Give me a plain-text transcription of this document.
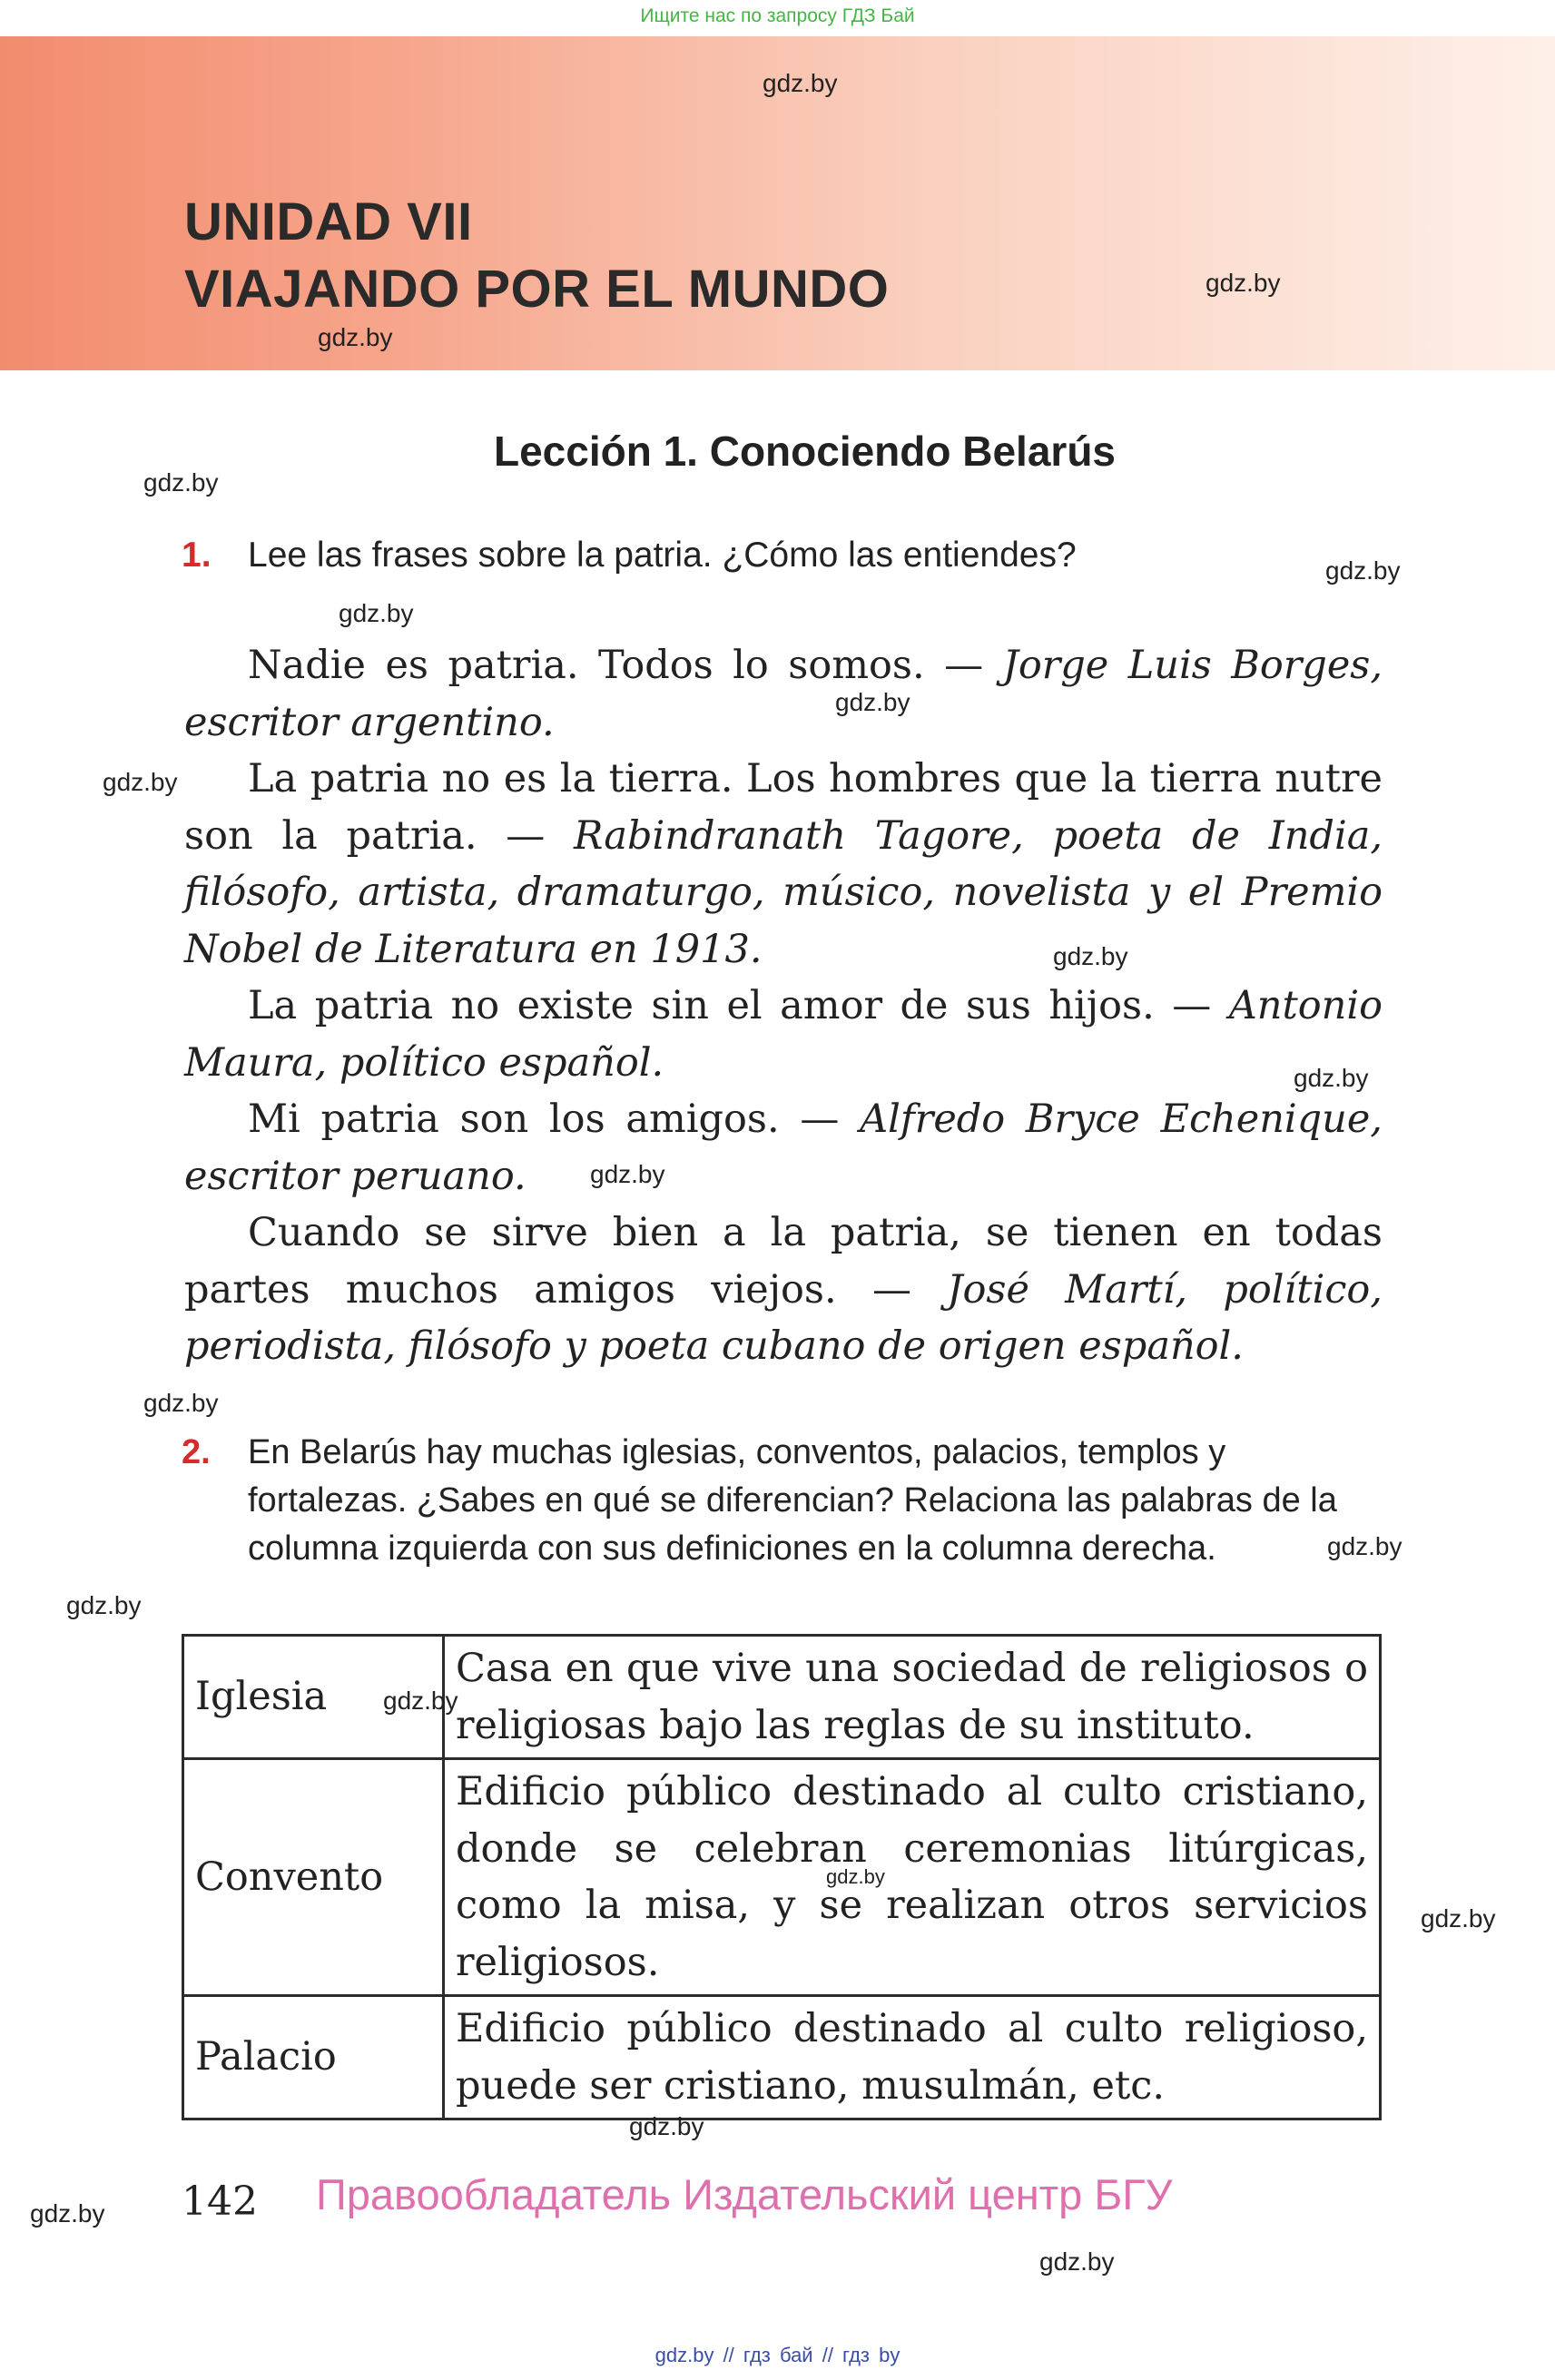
Ищите нас по запросу ГДЗ Бай
UNIDAD VII
VIAJANDO POR EL MUNDO
Lección 1. Conociendo Belarús
1. Lee las frases sobre la patria. ¿Cómo las entiendes?

Nadie es patria. Todos lo somos. — Jorge Luis Borges, escritor argentino.

La patria no es la tierra. Los hombres que la tierra nutre son la patria. — Rabindranath Tagore, poeta de India, filósofo, artista, dramaturgo, músico, novelista y el Premio Nobel de Literatura en 1913.

La patria no existe sin el amor de sus hijos. — Antonio Maura, político español.

Mi patria son los amigos. — Alfredo Bryce Echenique, escritor peruano.

Cuando se sirve bien a la patria, se tienen en todas partes muchos amigos viejos. — José Martí, político, periodista, filósofo y poeta cubano de origen español.

2. En Belarús hay muchas iglesias, conventos, palacios, templos y fortalezas. ¿Sabes en qué se diferencian? Relaciona las palabras de la columna izquierda con sus definiciones en la columna derecha.
Iglesia	Casa en que vive una sociedad de religiosos o religiosas bajo las reglas de su instituto.
Convento	Edificio público destinado al culto cristiano, donde se celebran ceremonias litúrgicas, como la misa, y se realizan otros servicios religiosos.
Palacio	Edificio público destinado al culto religioso, puede ser cristiano, musulmán, etc.
142 Правообладатель Издательский центр БГУ
gdz.by
gdz.by
gdz.by
gdz.by
gdz.by
gdz.by
gdz.by
gdz.by
gdz.by
gdz.by
gdz.by
gdz.by
gdz.by
gdz.by
gdz.by
gdz.by
gdz.by
gdz.by
gdz.by
gdz.by
gdz.by // гдз бай // гдз by
